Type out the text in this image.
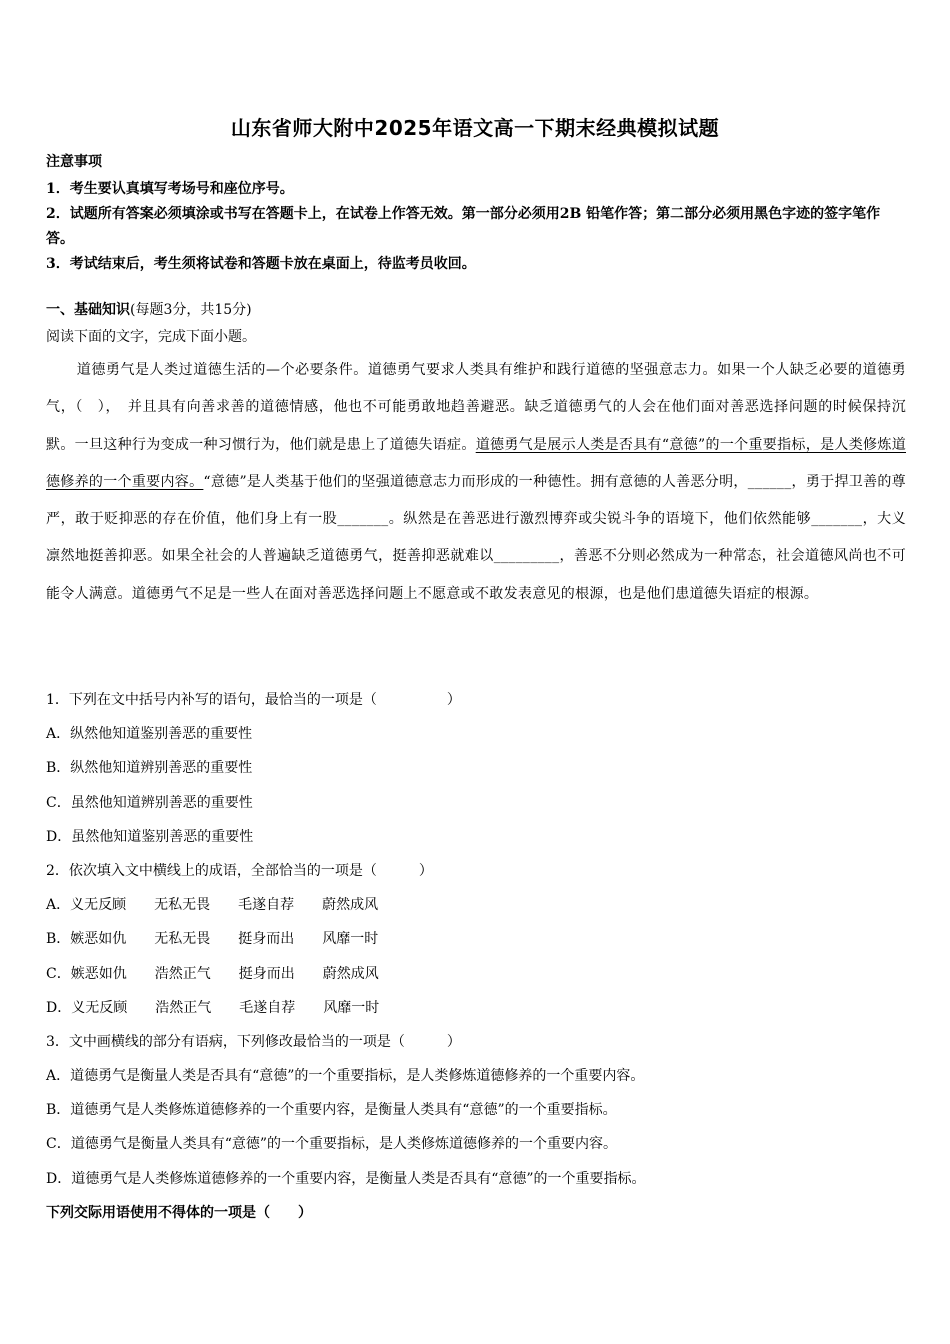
山东省师大附中2025年语文高一下期末经典模拟试题

注意事项

1．考生要认真填写考场号和座位序号。

2．试题所有答案必须填涂或书写在答题卡上，在试卷上作答无效。第一部分必须用2B 铅笔作答；第二部分必须用黑色字迹的签字笔作答。

3．考试结束后，考生须将试卷和答题卡放在桌面上，待监考员收回。

一、基础知识(每题3分，共15分)
阅读下面的文字，完成下面小题。
道德勇气是人类过道德生活的—个必要条件。道德勇气要求人类具有维护和践行道德的坚强意志力。如果一个人缺乏必要的道德勇气，（　），　并且具有向善求善的道德情感，他也不可能勇敢地趋善避恶。缺乏道德勇气的人会在他们面对善恶选择问题的时候保持沉默。一旦这种行为变成一种习惯行为，他们就是患上了道德失语症。道德勇气是展示人类是否具有“意德”的一个重要指标，是人类修炼道德修养的一个重要内容。“意德”是人类基于他们的坚强道德意志力而形成的一种德性。拥有意德的人善恶分明，______，勇于捍卫善的尊严，敢于贬抑恶的存在价值，他们身上有一股_______。纵然是在善恶进行激烈博弈或尖锐斗争的语境下，他们依然能够_______，大义凛然地挺善抑恶。如果全社会的人普遍缺乏道德勇气，挺善抑恶就难以_________，善恶不分则必然成为一种常态，社会道德风尚也不可能令人满意。道德勇气不足是一些人在面对善恶选择问题上不愿意或不敢发表意见的根源，也是他们患道德失语症的根源。
1．下列在文中括号内补写的语句，最恰当的一项是（　　　　　）
A．纵然他知道鉴别善恶的重要性
B．纵然他知道辨别善恶的重要性
C．虽然他知道辨别善恶的重要性
D．虽然他知道鉴别善恶的重要性
2．依次填入文中横线上的成语，全部恰当的一项是（　　　）
A．义无反顾 无私无畏 毛遂自荐 蔚然成风
B．嫉恶如仇 无私无畏 挺身而出 风靡一时
C．嫉恶如仇 浩然正气 挺身而出 蔚然成风
D．义无反顾 浩然正气 毛遂自荐 风靡一时
3．文中画横线的部分有语病，下列修改最恰当的一项是（　　　）
A．道德勇气是衡量人类是否具有“意德”的一个重要指标，是人类修炼道德修养的一个重要内容。
B．道德勇气是人类修炼道德修养的一个重要内容，是衡量人类具有“意德”的一个重要指标。
C．道德勇气是衡量人类具有“意德”的一个重要指标，是人类修炼道德修养的一个重要内容。
D．道德勇气是人类修炼道德修养的一个重要内容，是衡量人类是否具有“意德”的一个重要指标。
下列交际用语使用不得体的一项是（　　）
